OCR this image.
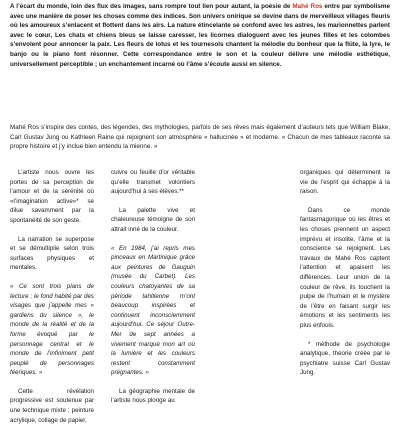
A l’écart du monde, loin des flux des images, sans rompre tout lien pour autant, la poésie de Mahé Ros entre par symbolisme avec une manière de poser les choses comme des indices. Son univers onirique se devine dans de merveilleux villages fleuris où les amoureux s’enlacent et flottent dans les airs. La nature étincelante se confond avec les astres, les marionnettes parlent avec le cœur, Les chats et chiens bleus se laisse caresser, les licornes dialoguent avec les jeunes filles et les colombes s’envolent pour annoncer la paix. Les fleurs de lotus et les tournesols chantent la mélodie du bonheur que la flûte, la lyre, le banjo ou le piano font résonner. Cette correspondance entre le son et la couleur délivre une mélodie esthétique, universellement perceptible ; un enchantement incarné où l’âme s’écoute aussi en silence.
Mahé Ros s’inspire des contes, des légendes, des mythologies, parfois de ses rêves mais également d’auteurs tels que William Blake, Carl Gustav Jung ou Kathleen Raine qui rejoignent son atmosphère « hallucinée » et moderne. « Chacun de mes tableaux raconte sa propre histoire et j’y inclue bien entendu la mienne. »

L’artiste nous ouvre les portes de sa perception de l’amour et de la sérénité où «l’imagination active»* se dilue savamment par la spontanéité de son geste.

La narration se superpose et se démultiplie selon trois surfaces physiques et mentales.

« Ce sont trois plans de lecture ; le fond habité par des visages que j’appelle mes « gardiens du silence », le monde de la réalité et de la forme évoqué par le personnage central et le monde de l’infiniment petit peuplé de personnages féeriques. »

Cette révélation progressive est soutenue par une technique mixte ; peinture acrylique, collage de papier,

cuivre ou feuille d’or véritable qu’elle transmet volontiers aujourd’hui à ses élèves.**

La palette vive et chaleureuse témoigne de son attrait inné de la couleur.

« En 1984, j’ai repris mes pinceaux en Martinique grâce aux peintures de Gauguin (musée du Carbet). Les couleurs chatoyantes de sa période tahitienne m’ont beaucoup inspirées et continuent inconsciemment aujourd’hui. Ce séjour Outre-Mer de sept années a vivement marqué mon art où la lumière et les couleurs restent constamment prégnantes. »

La géographie mentale de l’artiste nous plonge au

organiques qui déterminent la vie de l’esprit qui échappe à la raison.

Dans ce monde fantasmagorique où les êtres et les choses prennent un aspect imprévu et insolite, l’âme et la conscience se rejoignent. Les travaux de Mahé Ros captent l’attention et apaisent les différences. Leur union de la couleur de rêve, ils touchent la pulpe de l’humain et le mystère de l’être en faisant surgir les émotions et les sentiments les plus enfouis.

* méthode de psychologie analytique, théorie créée par le psychiatre suisse Carl Gustav Jung.
